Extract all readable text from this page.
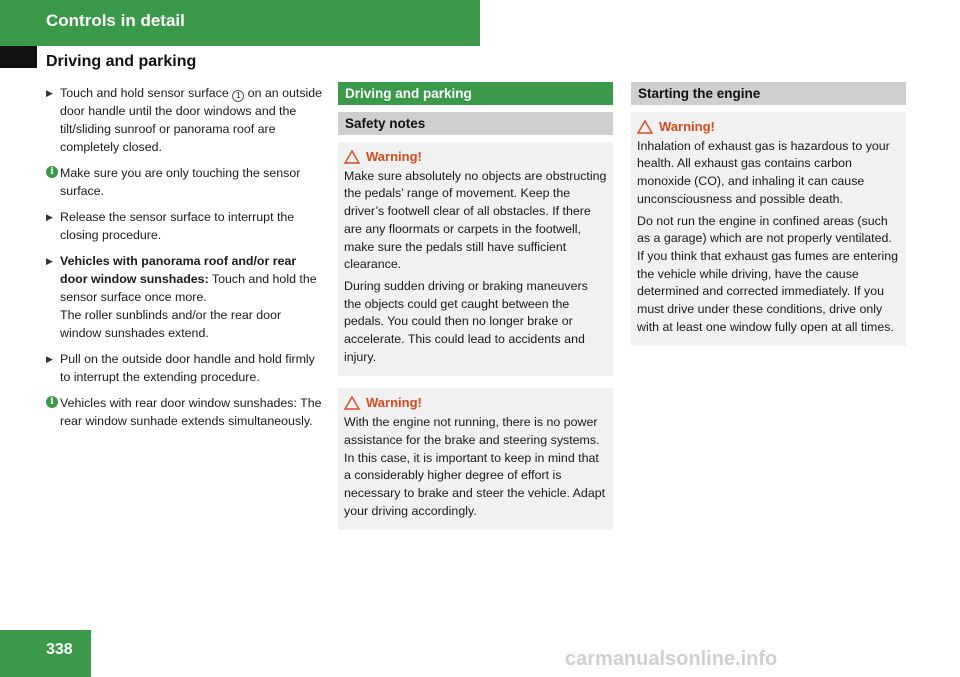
Controls in detail
Driving and parking
▶ Touch and hold sensor surface 1 on an outside door handle until the door windows and the tilt/sliding sunroof or panorama roof are completely closed.
i Make sure you are only touching the sensor surface.
▶ Release the sensor surface to interrupt the closing procedure.
▶ Vehicles with panorama roof and/or rear door window sunshades: Touch and hold the sensor surface once more.
The roller sunblinds and/or the rear door window sunshades extend.
▶ Pull on the outside door handle and hold firmly to interrupt the extending procedure.
i Vehicles with rear door window sunshades: The rear window sunhade extends simultaneously.
Driving and parking
Safety notes
Warning!

Make sure absolutely no objects are obstructing the pedals’ range of movement. Keep the driver’s footwell clear of all obstacles. If there are any floormats or carpets in the footwell, make sure the pedals still have sufficient clearance.

During sudden driving or braking maneuvers the objects could get caught between the pedals. You could then no longer brake or accelerate. This could lead to accidents and injury.

Warning!

With the engine not running, there is no power assistance for the brake and steering systems. In this case, it is important to keep in mind that a considerably higher degree of effort is necessary to brake and steer the vehicle. Adapt your driving accordingly.

Starting the engine
Warning!

Inhalation of exhaust gas is hazardous to your health. All exhaust gas contains carbon monoxide (CO), and inhaling it can cause unconsciousness and possible death.

Do not run the engine in confined areas (such as a garage) which are not properly ventilated. If you think that exhaust gas fumes are entering the vehicle while driving, have the cause determined and corrected immediately. If you must drive under these conditions, drive only with at least one window fully open at all times.

338	carmanualsonline.info
